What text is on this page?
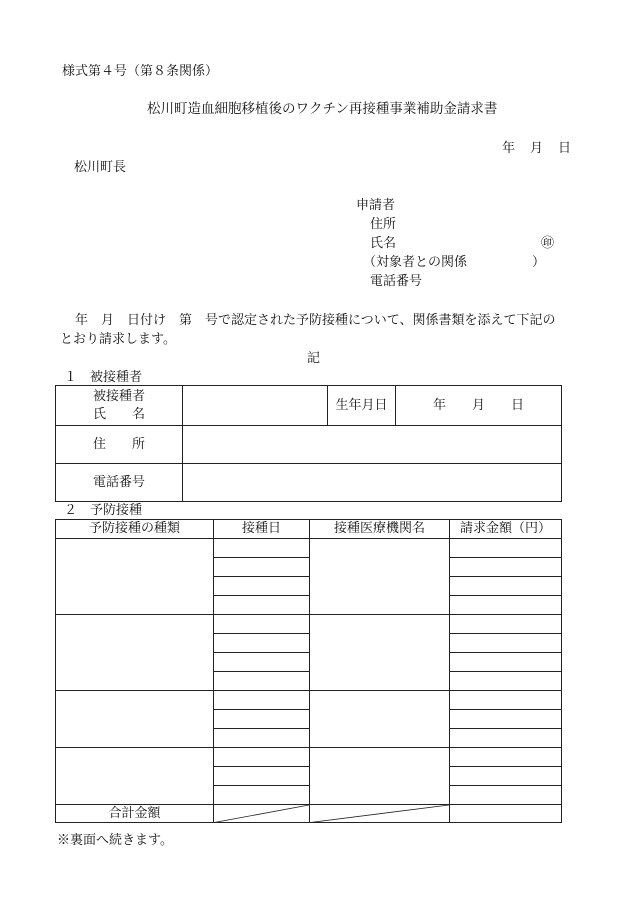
様式第４号（第８条関係）
松川町造血細胞移植後のワクチン再接種事業補助金請求書
年　月　日
松川町長
申請者
住所
氏名	㊞
（対象者との関係　　　　　）
電話番号
年　月　日付け　第　号で認定された予防接種について、関係書類を添えて下記の
とおり請求します。
記
１　被接種者
被接種者
氏　　名		生年月日	年　　月　　日
住　　所			
電話番号			
２　予防接種
予防接種の種類	接種日	接種医療機関名	請求金額（円）

合計金額	

※裏面へ続きます。
